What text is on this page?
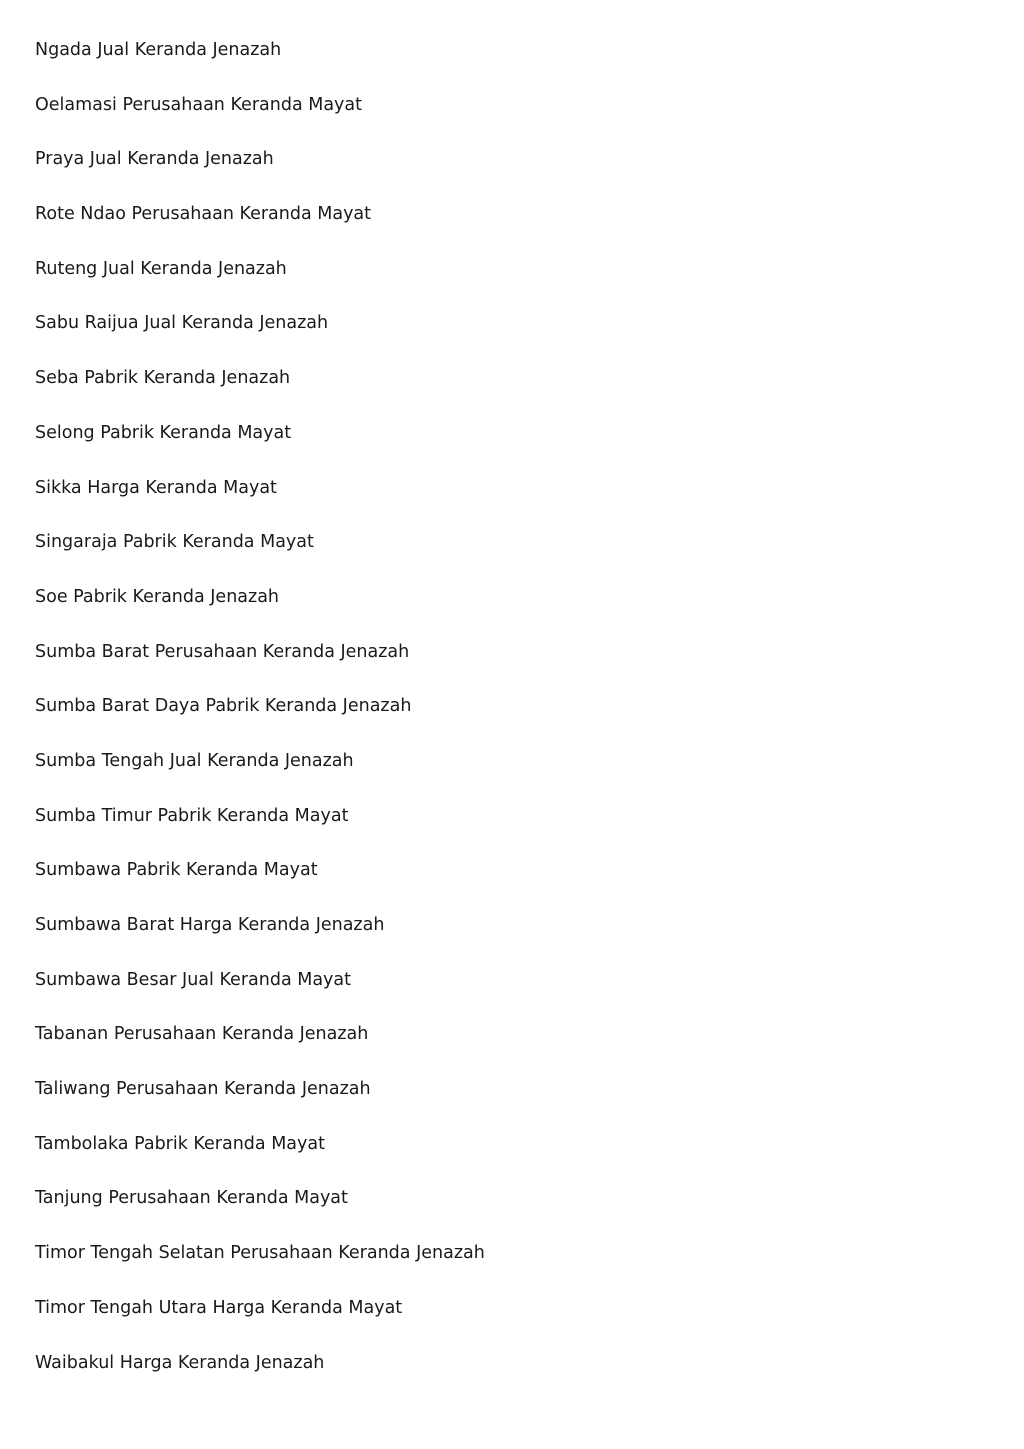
Ngada Jual Keranda Jenazah
Oelamasi Perusahaan Keranda Mayat
Praya Jual Keranda Jenazah
Rote Ndao Perusahaan Keranda Mayat
Ruteng Jual Keranda Jenazah
Sabu Raijua Jual Keranda Jenazah
Seba Pabrik Keranda Jenazah
Selong Pabrik Keranda Mayat
Sikka Harga Keranda Mayat
Singaraja Pabrik Keranda Mayat
Soe Pabrik Keranda Jenazah
Sumba Barat Perusahaan Keranda Jenazah
Sumba Barat Daya Pabrik Keranda Jenazah
Sumba Tengah Jual Keranda Jenazah
Sumba Timur Pabrik Keranda Mayat
Sumbawa Pabrik Keranda Mayat
Sumbawa Barat Harga Keranda Jenazah
Sumbawa Besar Jual Keranda Mayat
Tabanan Perusahaan Keranda Jenazah
Taliwang Perusahaan Keranda Jenazah
Tambolaka Pabrik Keranda Mayat
Tanjung Perusahaan Keranda Mayat
Timor Tengah Selatan Perusahaan Keranda Jenazah
Timor Tengah Utara Harga Keranda Mayat
Waibakul Harga Keranda Jenazah
